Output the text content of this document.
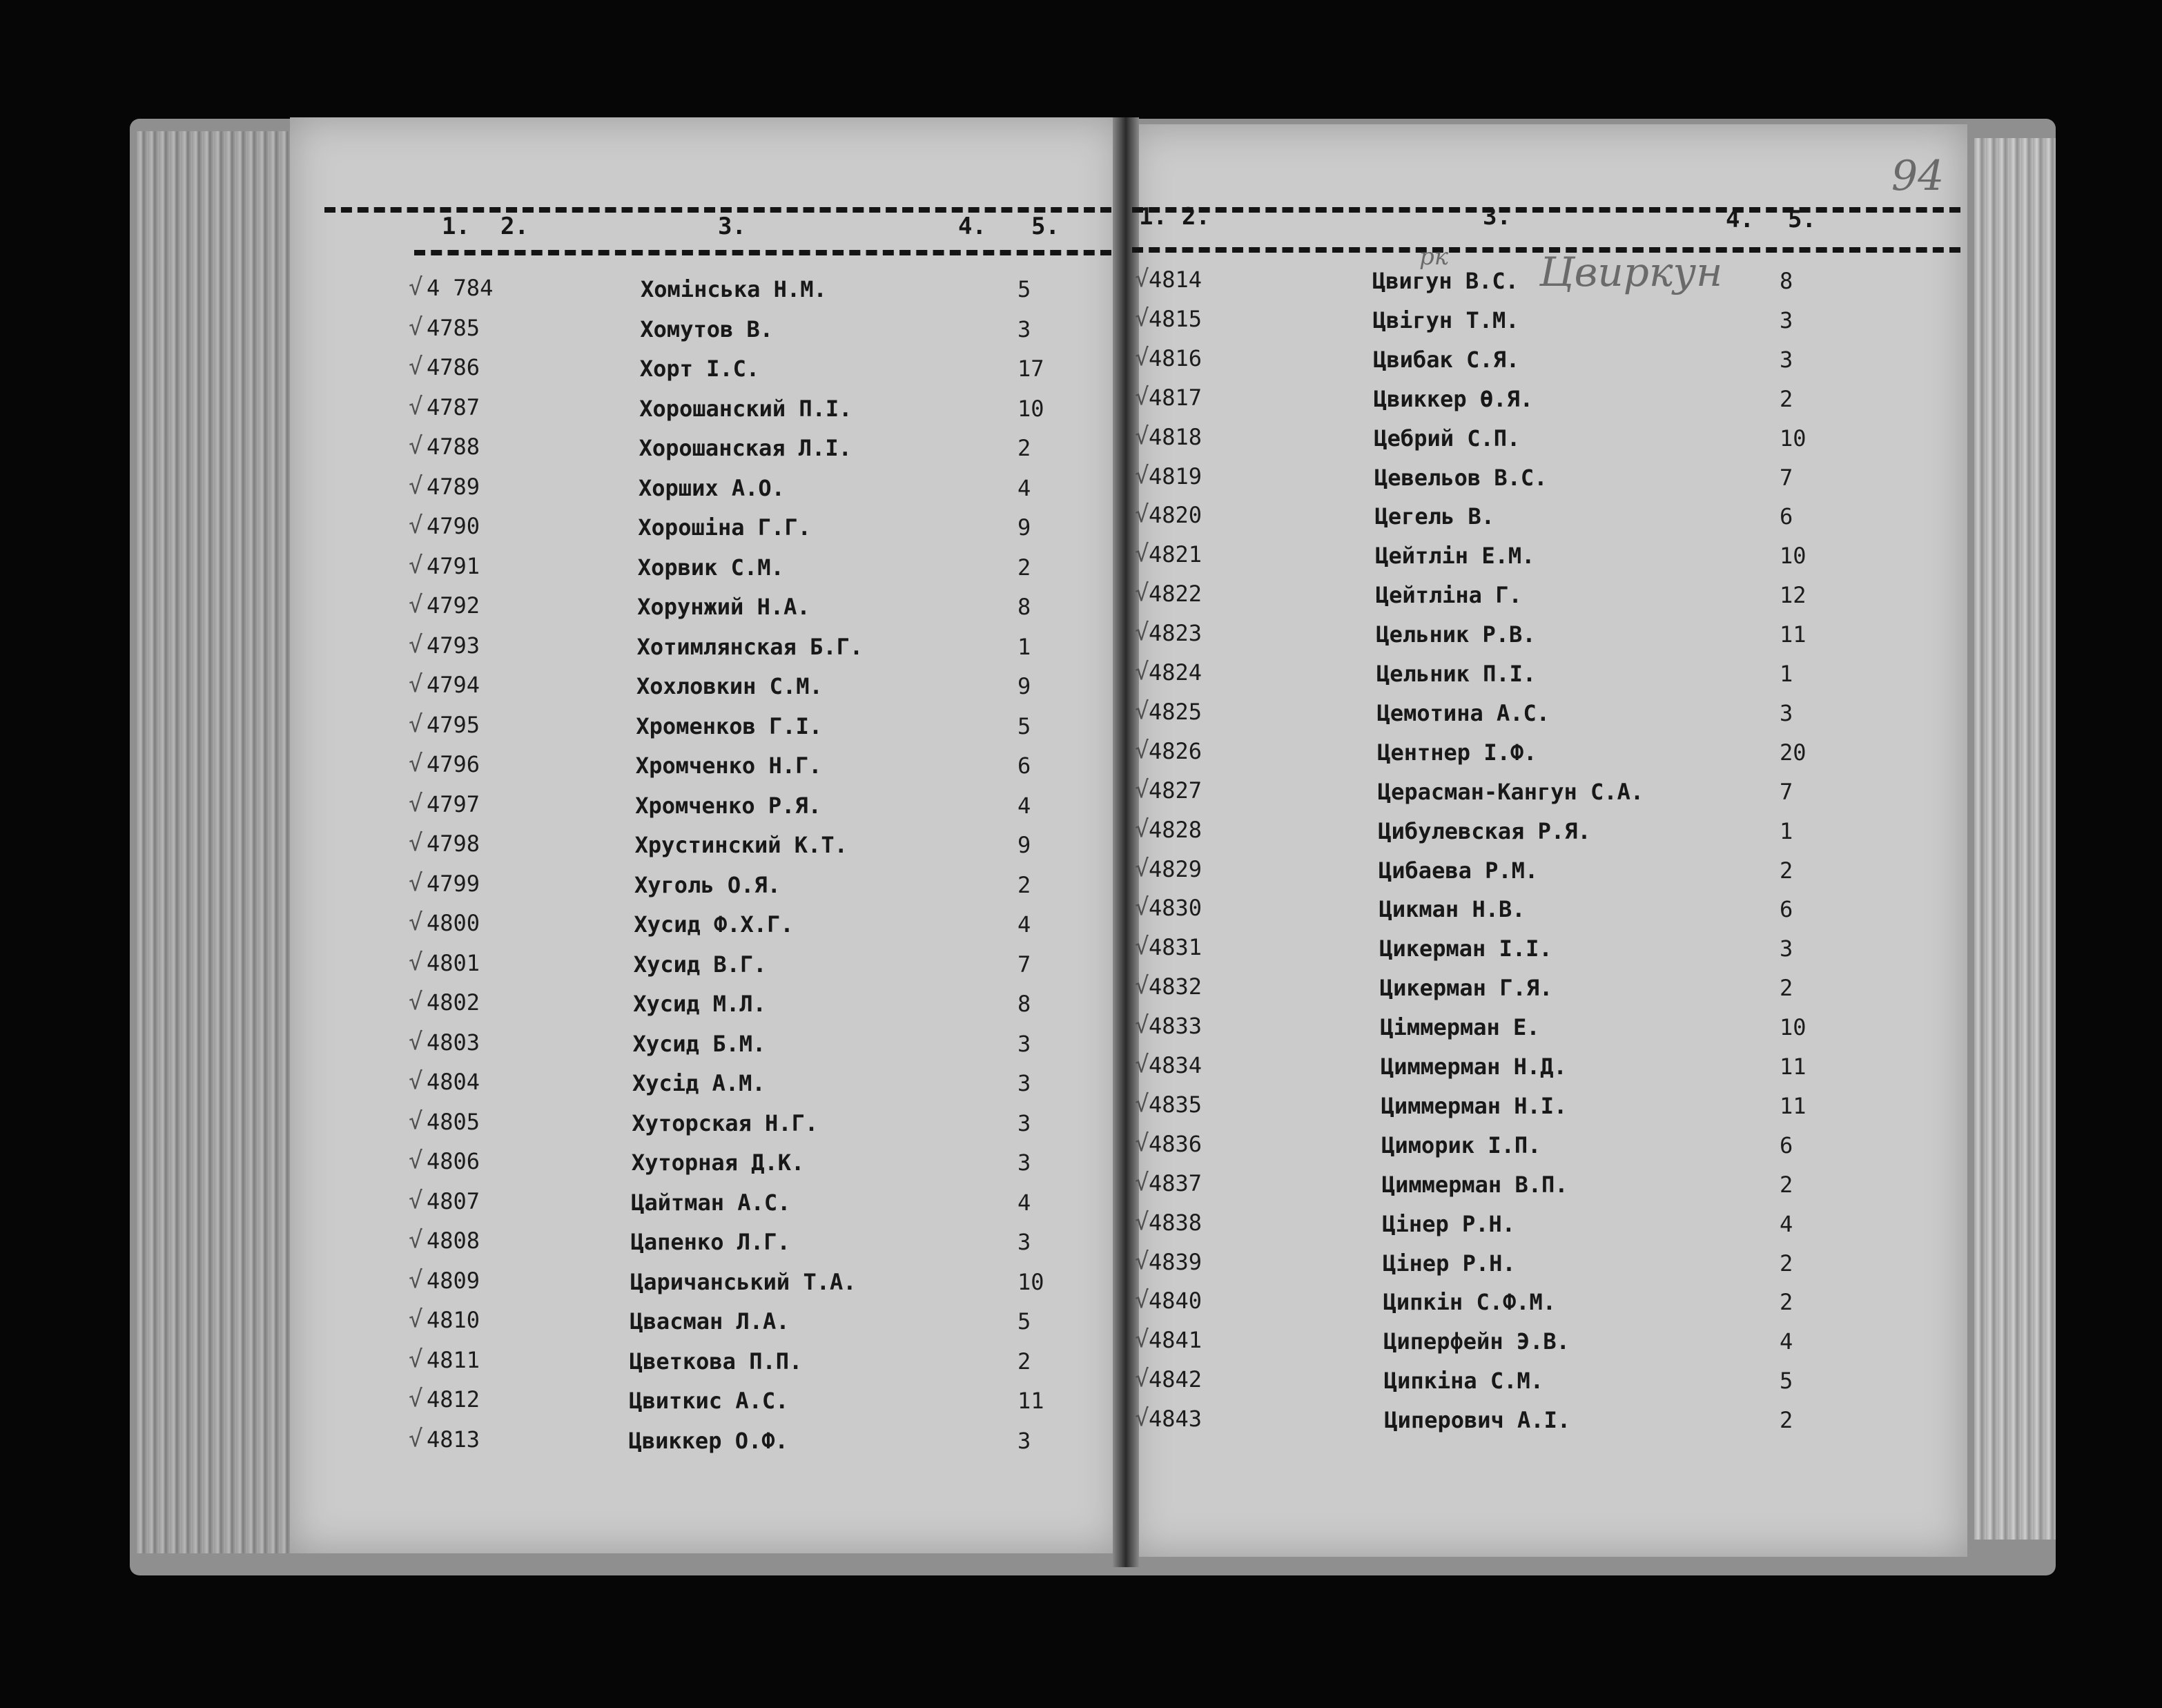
1. 2.	3.	4. 5.	1. 2.	3.	4. 5.
94
Цвиркун
рк
√ 4 784	Хомінська Н.М.	5
√ 4785	Хомутов В.	3
√ 4786	Хорт І.С.	17
√ 4787	Хорошанский П.І.	10
√ 4788	Хорошанская Л.І.	2
√ 4789	Хорших А.О.	4
√ 4790	Хорошіна Г.Г.	9
√ 4791	Хорвик С.М.	2
√ 4792	Хорунжий Н.А.	8
√ 4793	Хотимлянская Б.Г.	1
√ 4794	Хохловкин С.М.	9
√ 4795	Хроменков Г.І.	5
√ 4796	Хромченко Н.Г.	6
√ 4797	Хромченко Р.Я.	4
√ 4798	Хрустинский К.Т.	9
√ 4799	Хуголь О.Я.	2
√ 4800	Хусид Ф.Х.Г.	4
√ 4801	Хусид В.Г.	7
√ 4802	Хусид М.Л.	8
√ 4803	Хусид Б.М.	3
√ 4804	Хусід А.М.	3
√ 4805	Хуторская Н.Г.	3
√ 4806	Хуторная Д.К.	3
√ 4807	Цайтман А.С.	4
√ 4808	Цапенко Л.Г.	3
√ 4809	Царичанський Т.А.	10
√ 4810	Цвасман Л.А.	5
√ 4811	Цветкова П.П.	2
√ 4812	Цвиткис А.С.	11
√ 4813	Цвиккер О.Ф.	3
√ 4814	Цвигун В.С.	8
√ 4815	Цвігун Т.М.	3
√ 4816	Цвибак С.Я.	3
√ 4817	Цвиккер Ө.Я.	2
√ 4818	Цебрий С.П.	10
√ 4819	Цевельов В.С.	7
√ 4820	Цегель В.	6
√ 4821	Цейтлін Е.М.	10
√ 4822	Цейтліна Г.	12
√ 4823	Цельник Р.В.	11
√ 4824	Цельник П.І.	1
√ 4825	Цемотина А.С.	3
√ 4826	Центнер І.Ф.	20
√ 4827	Церасман-Кангун С.А.	7
√ 4828	Цибулевская Р.Я.	1
√ 4829	Цибаева Р.М.	2
√ 4830	Цикман Н.В.	6
√ 4831	Цикерман І.І.	3
√ 4832	Цикерман Г.Я.	2
√ 4833	Ціммерман Е.	10
√ 4834	Циммерман Н.Д.	11
√ 4835	Циммерман Н.І.	11
√ 4836	Циморик І.П.	6
√ 4837	Циммерман В.П.	2
√ 4838	Цінер Р.Н.	4
√ 4839	Цінер Р.Н.	2
√ 4840	Ципкін С.Ф.М.	2
√ 4841	Циперфейн Э.В.	4
√ 4842	Ципкіна С.М.	5
√ 4843	Циперович А.І.	2
